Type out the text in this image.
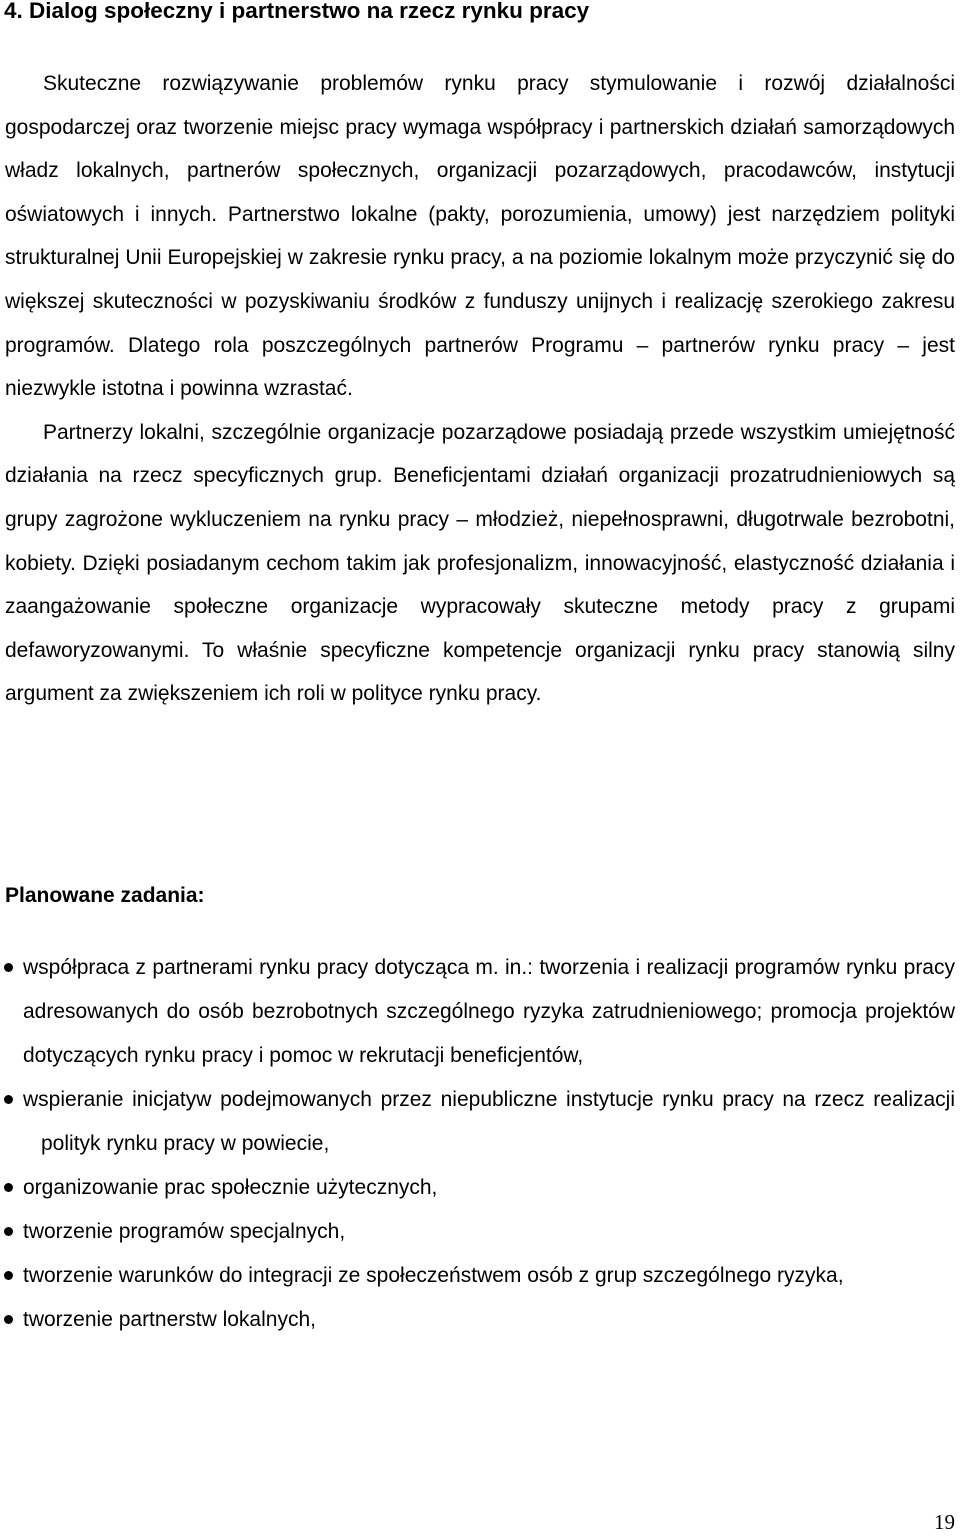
4. Dialog społeczny i partnerstwo na rzecz rynku pracy

Skuteczne rozwiązywanie problemów rynku pracy stymulowanie i rozwój działalności gospodarczej oraz tworzenie miejsc pracy wymaga współpracy i partnerskich działań samorządowych władz lokalnych, partnerów społecznych, organizacji pozarządowych, pracodawców, instytucji oświatowych i innych. Partnerstwo lokalne (pakty, porozumienia, umowy) jest narzędziem polityki strukturalnej Unii Europejskiej w zakresie rynku pracy, a na poziomie lokalnym może przyczynić się do większej skuteczności w pozyskiwaniu środków z funduszy unijnych i realizację szerokiego zakresu programów. Dlatego rola poszczególnych partnerów Programu – partnerów rynku pracy – jest niezwykle istotna i powinna wzrastać.

Partnerzy lokalni, szczególnie organizacje pozarządowe posiadają przede wszystkim umiejętność działania na rzecz specyficznych grup. Beneficjentami działań organizacji prozatrudnieniowych są grupy zagrożone wykluczeniem na rynku pracy – młodzież, niepełnosprawni, długotrwale bezrobotni, kobiety. Dzięki posiadanym cechom takim jak profesjonalizm, innowacyjność, elastyczność działania i zaangażowanie społeczne organizacje wypracowały skuteczne metody pracy z grupami defaworyzowanymi. To właśnie specyficzne kompetencje organizacji rynku pracy stanowią silny argument za zwiększeniem ich roli w polityce rynku pracy.

Planowane zadania:
współpraca z partnerami rynku pracy dotycząca m. in.: tworzenia i realizacji programów rynku pracy adresowanych do osób bezrobotnych szczególnego ryzyka zatrudnieniowego; promocja projektów dotyczących rynku pracy i pomoc w rekrutacji beneficjentów,
wspieranie inicjatyw podejmowanych przez niepubliczne instytucje rynku pracy na rzecz realizacji polityk rynku pracy w powiecie,
organizowanie prac społecznie użytecznych,
tworzenie programów specjalnych,
tworzenie warunków do integracji ze społeczeństwem osób z grup szczególnego ryzyka,
tworzenie partnerstw lokalnych,
19
